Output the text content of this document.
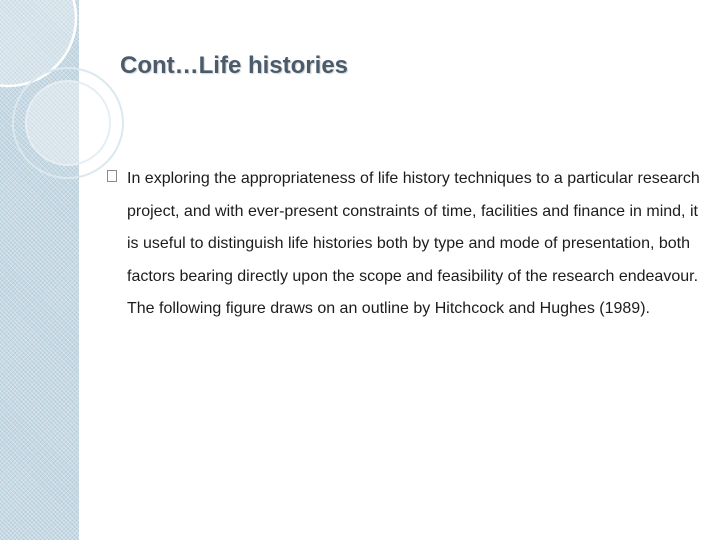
Cont…Life histories

In exploring the appropriateness of life history techniques to a particular research project, and with ever-present constraints of time, facilities and finance in mind, it is useful to distinguish life histories both by type and mode of presentation, both factors bearing directly upon the scope and feasibility of the research endeavour. The following figure draws on an outline by Hitchcock and Hughes (1989).
